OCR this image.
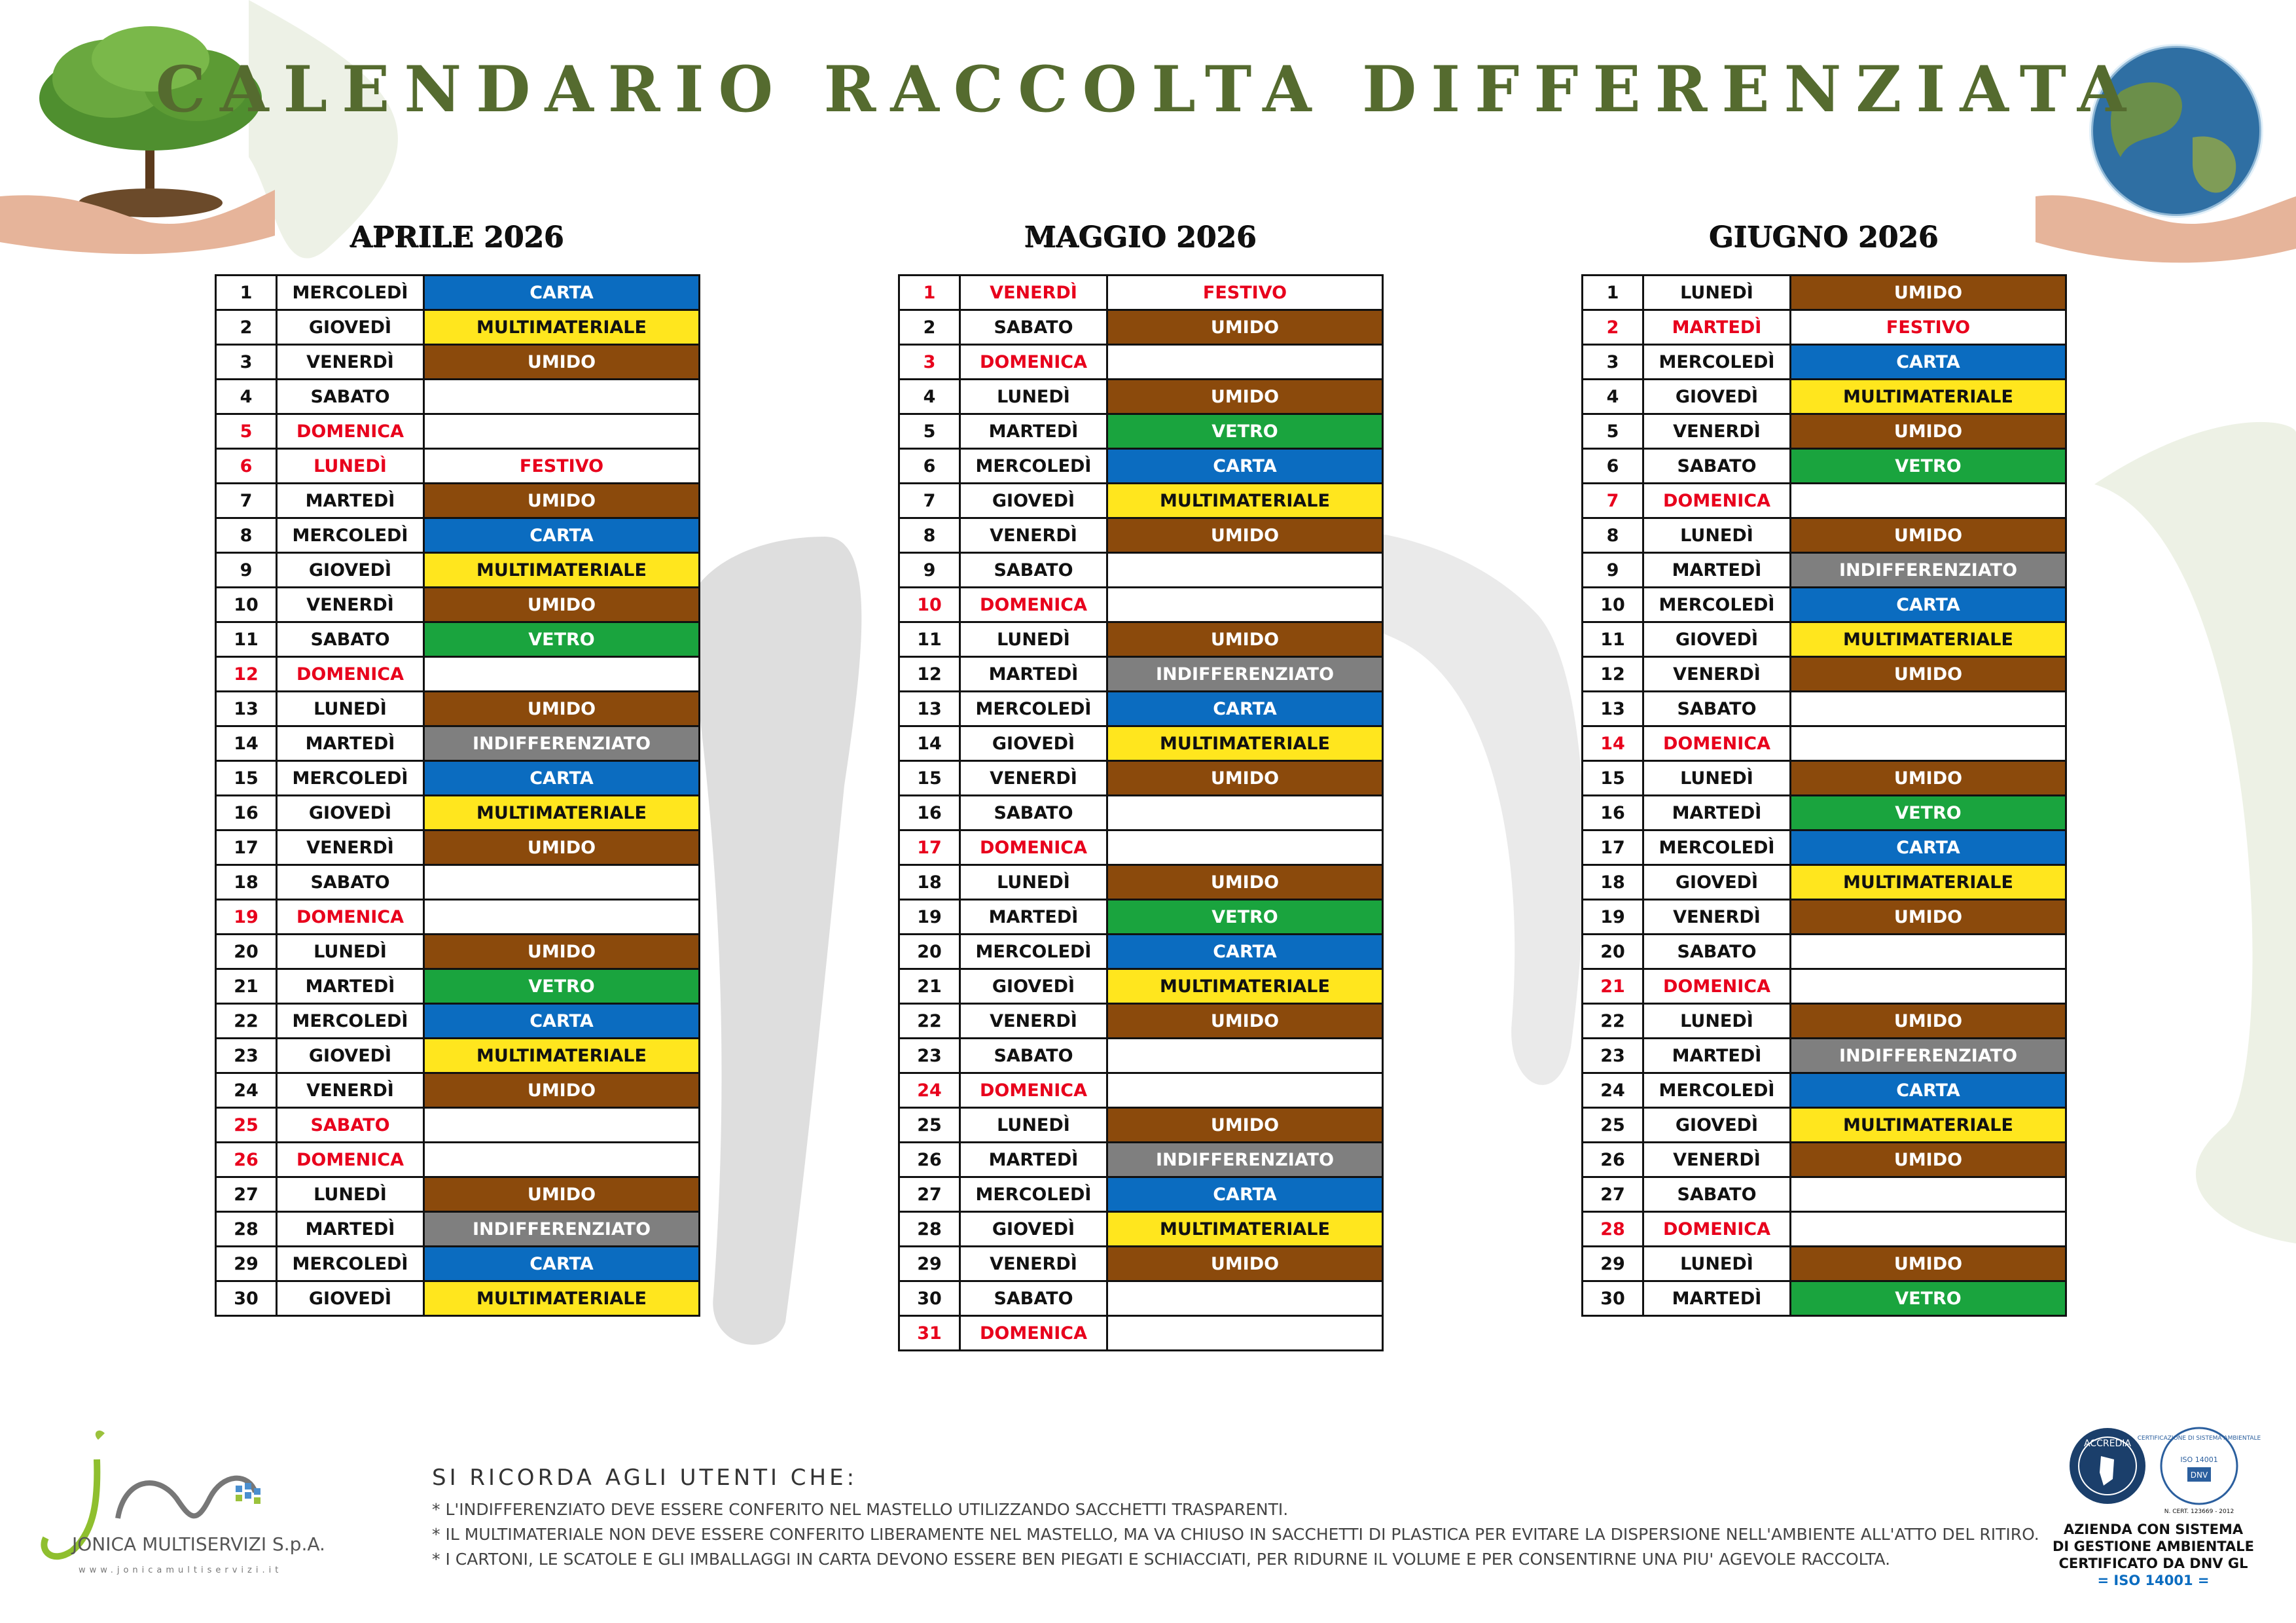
CALENDARIO RACCOLTA DIFFERENZIATA
APRILE 2026
1	MERCOLEDÌ	CARTA
2	GIOVEDÌ	MULTIMATERIALE
3	VENERDÌ	UMIDO
4	SABATO	
5	DOMENICA	
6	LUNEDÌ	FESTIVO
7	MARTEDÌ	UMIDO
8	MERCOLEDÌ	CARTA
9	GIOVEDÌ	MULTIMATERIALE
10	VENERDÌ	UMIDO
11	SABATO	VETRO
12	DOMENICA	
13	LUNEDÌ	UMIDO
14	MARTEDÌ	INDIFFERENZIATO
15	MERCOLEDÌ	CARTA
16	GIOVEDÌ	MULTIMATERIALE
17	VENERDÌ	UMIDO
18	SABATO	
19	DOMENICA	
20	LUNEDÌ	UMIDO
21	MARTEDÌ	VETRO
22	MERCOLEDÌ	CARTA
23	GIOVEDÌ	MULTIMATERIALE
24	VENERDÌ	UMIDO
25	SABATO	
26	DOMENICA	
27	LUNEDÌ	UMIDO
28	MARTEDÌ	INDIFFERENZIATO
29	MERCOLEDÌ	CARTA
30	GIOVEDÌ	MULTIMATERIALE
MAGGIO 2026
1	VENERDÌ	FESTIVO
2	SABATO	UMIDO
3	DOMENICA	
4	LUNEDÌ	UMIDO
5	MARTEDÌ	VETRO
6	MERCOLEDÌ	CARTA
7	GIOVEDÌ	MULTIMATERIALE
8	VENERDÌ	UMIDO
9	SABATO	
10	DOMENICA	
11	LUNEDÌ	UMIDO
12	MARTEDÌ	INDIFFERENZIATO
13	MERCOLEDÌ	CARTA
14	GIOVEDÌ	MULTIMATERIALE
15	VENERDÌ	UMIDO
16	SABATO	
17	DOMENICA	
18	LUNEDÌ	UMIDO
19	MARTEDÌ	VETRO
20	MERCOLEDÌ	CARTA
21	GIOVEDÌ	MULTIMATERIALE
22	VENERDÌ	UMIDO
23	SABATO	
24	DOMENICA	
25	LUNEDÌ	UMIDO
26	MARTEDÌ	INDIFFERENZIATO
27	MERCOLEDÌ	CARTA
28	GIOVEDÌ	MULTIMATERIALE
29	VENERDÌ	UMIDO
30	SABATO	
31	DOMENICA	
GIUGNO 2026
1	LUNEDÌ	UMIDO
2	MARTEDÌ	FESTIVO
3	MERCOLEDÌ	CARTA
4	GIOVEDÌ	MULTIMATERIALE
5	VENERDÌ	UMIDO
6	SABATO	VETRO
7	DOMENICA	
8	LUNEDÌ	UMIDO
9	MARTEDÌ	INDIFFERENZIATO
10	MERCOLEDÌ	CARTA
11	GIOVEDÌ	MULTIMATERIALE
12	VENERDÌ	UMIDO
13	SABATO	
14	DOMENICA	
15	LUNEDÌ	UMIDO
16	MARTEDÌ	VETRO
17	MERCOLEDÌ	CARTA
18	GIOVEDÌ	MULTIMATERIALE
19	VENERDÌ	UMIDO
20	SABATO	
21	DOMENICA	
22	LUNEDÌ	UMIDO
23	MARTEDÌ	INDIFFERENZIATO
24	MERCOLEDÌ	CARTA
25	GIOVEDÌ	MULTIMATERIALE
26	VENERDÌ	UMIDO
27	SABATO	
28	DOMENICA	
29	LUNEDÌ	UMIDO
30	MARTEDÌ	VETRO
JONICA MULTISERVIZI S.p.A.
www.jonicamultiservizi.it
SI RICORDA AGLI UTENTI CHE:
* L'INDIFFERENZIATO DEVE ESSERE CONFERITO NEL MASTELLO UTILIZZANDO SACCHETTI TRASPARENTI.
* IL MULTIMATERIALE NON DEVE ESSERE CONFERITO LIBERAMENTE NEL MASTELLO, MA VA CHIUSO IN SACCHETTI DI PLASTICA PER EVITARE LA DISPERSIONE NELL'AMBIENTE ALL'ATTO DEL RITIRO.
* I CARTONI, LE SCATOLE E GLI IMBALLAGGI IN CARTA DEVONO ESSERE BEN PIEGATI E SCHIACCIATI, PER RIDURNE IL VOLUME E PER CONSENTIRNE UNA PIU' AGEVOLE RACCOLTA.
ACCREDIA CERTIFICAZIONE DI SISTEMA AMBIENTALE
ISO 14001
DNV
N. CERT. 123669 - 2012
AZIENDA CON SISTEMA
DI GESTIONE AMBIENTALE
CERTIFICATO DA DNV GL
= ISO 14001 =
